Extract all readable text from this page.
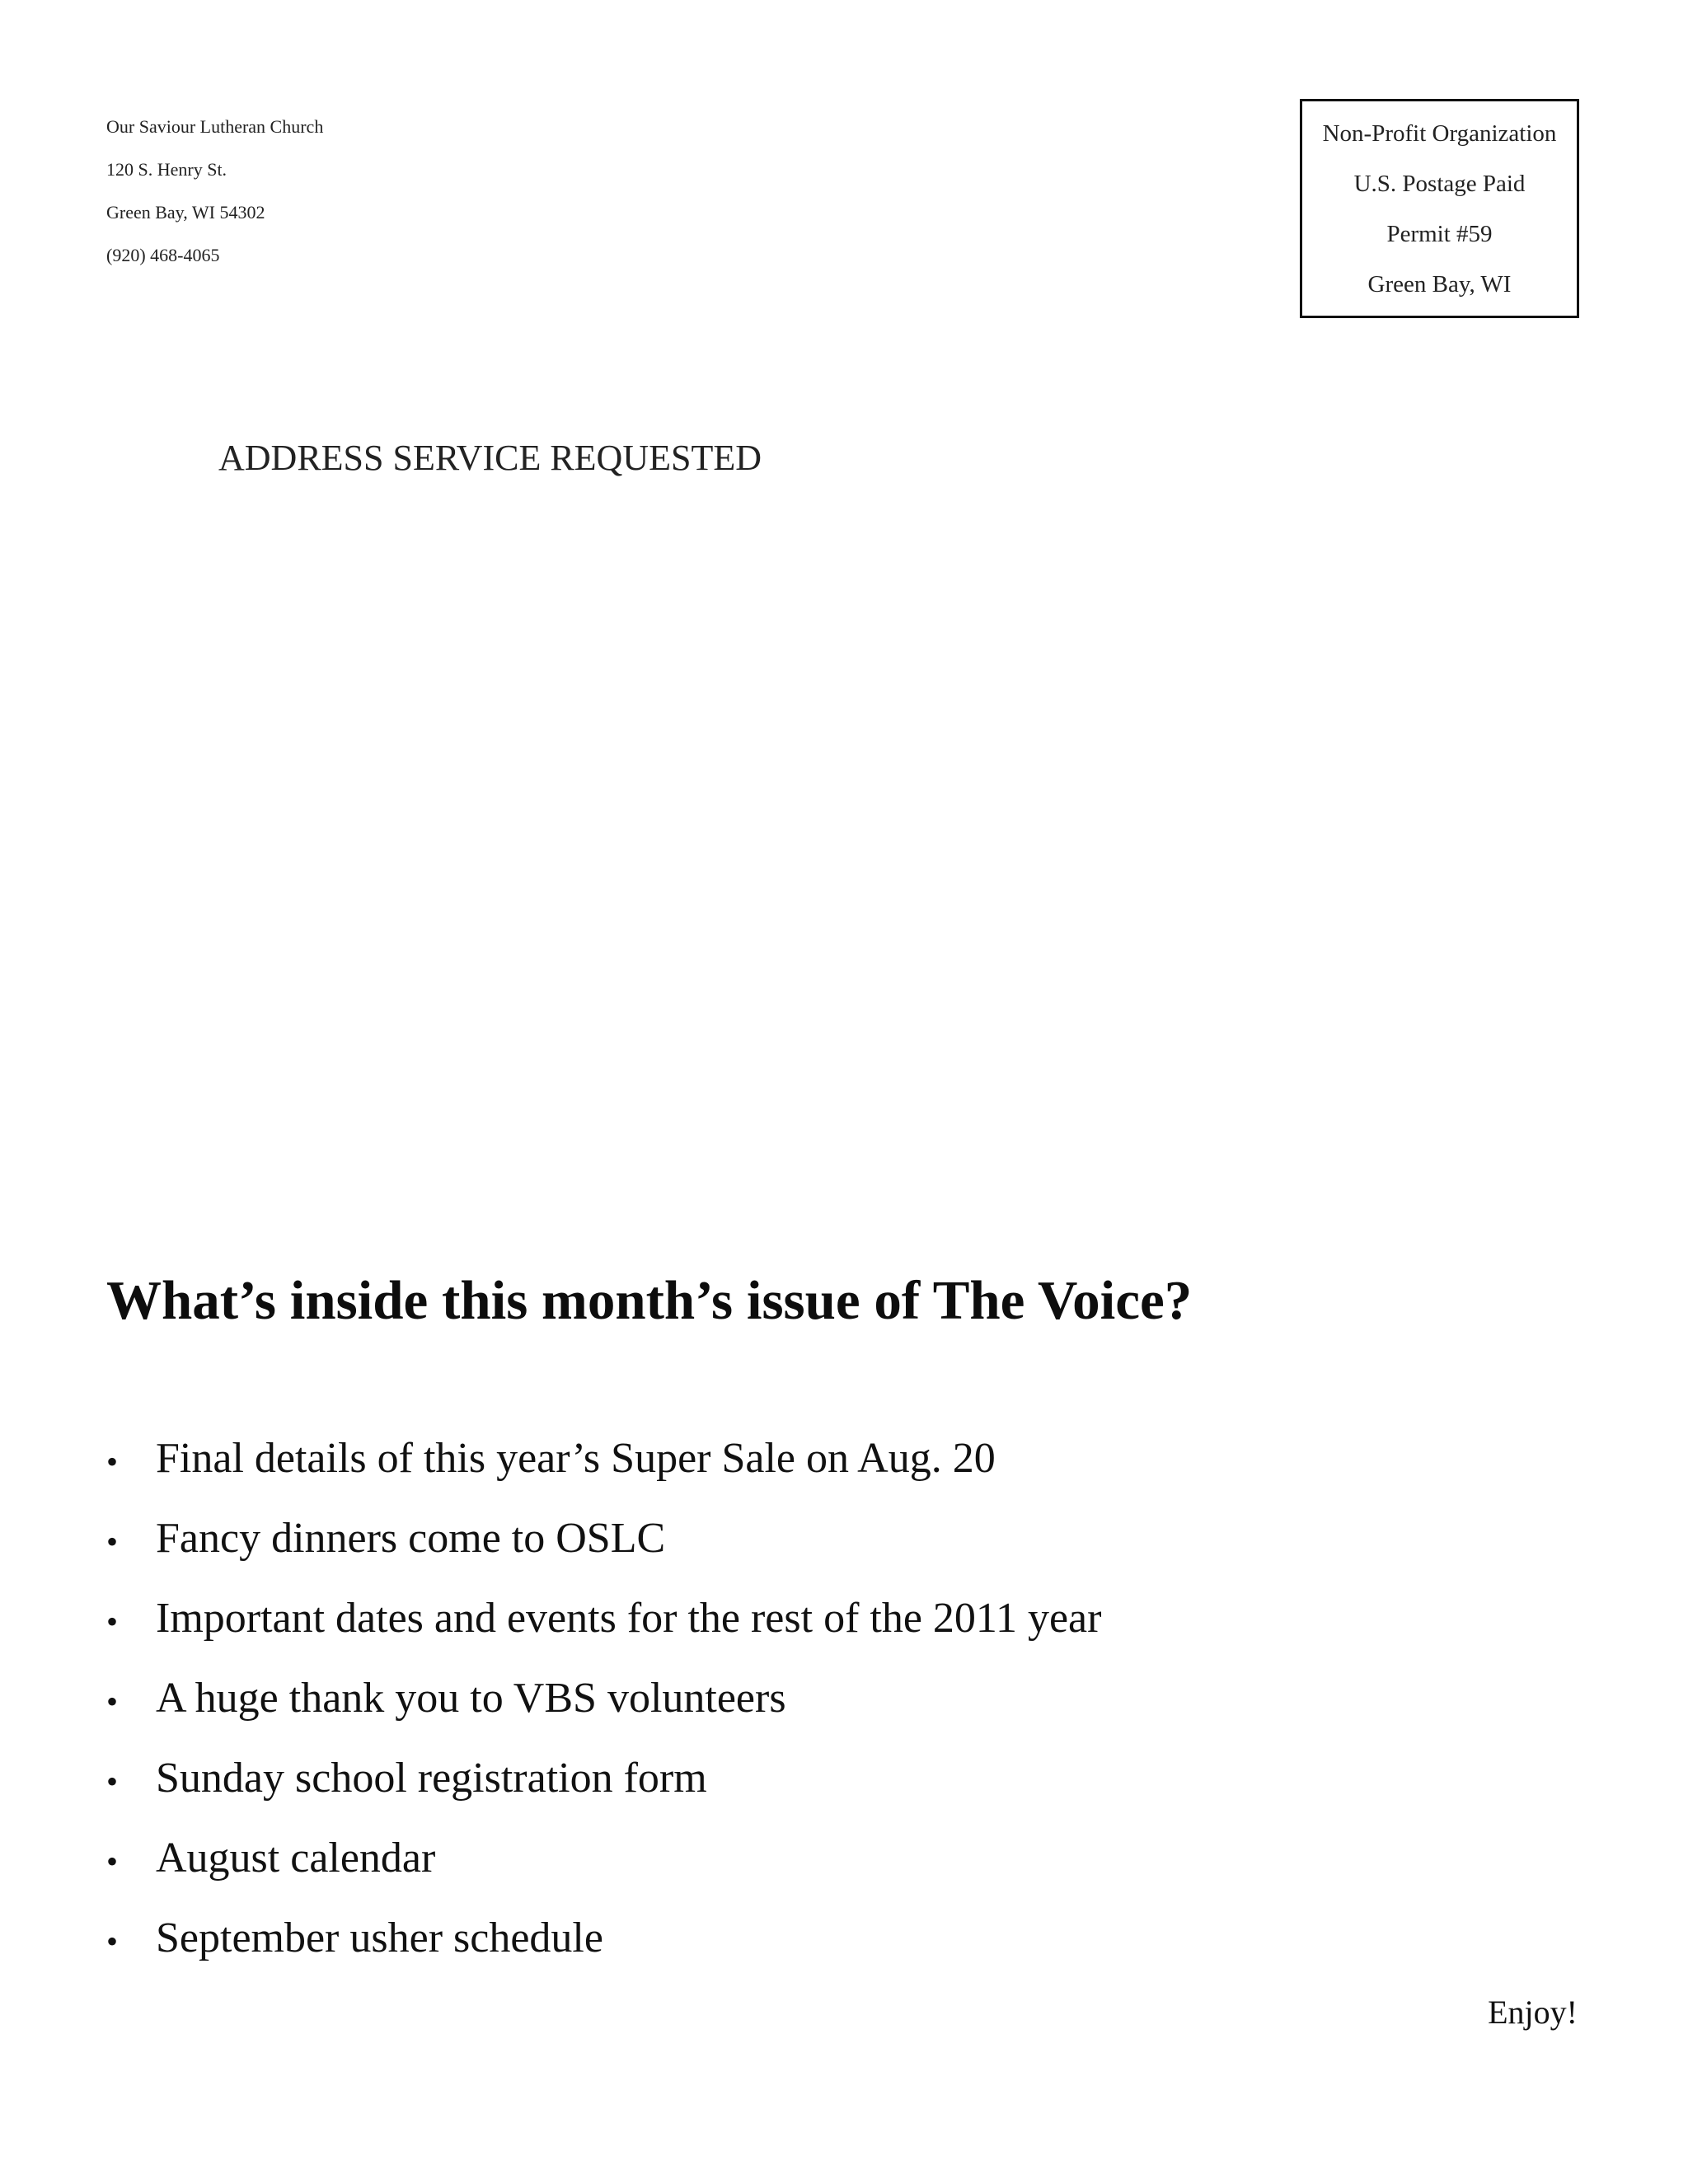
Our Saviour Lutheran Church
120 S. Henry St.
Green Bay, WI 54302
(920) 468-4065
Non-Profit Organization
U.S. Postage Paid
Permit #59
Green Bay, WI
ADDRESS SERVICE REQUESTED
What’s inside this month’s issue of The Voice?
• Final details of this year’s Super Sale on Aug. 20
• Fancy dinners come to OSLC
• Important dates and events for the rest of the 2011 year
• A huge thank you to VBS volunteers
• Sunday school registration form
• August calendar
• September usher schedule
Enjoy!
